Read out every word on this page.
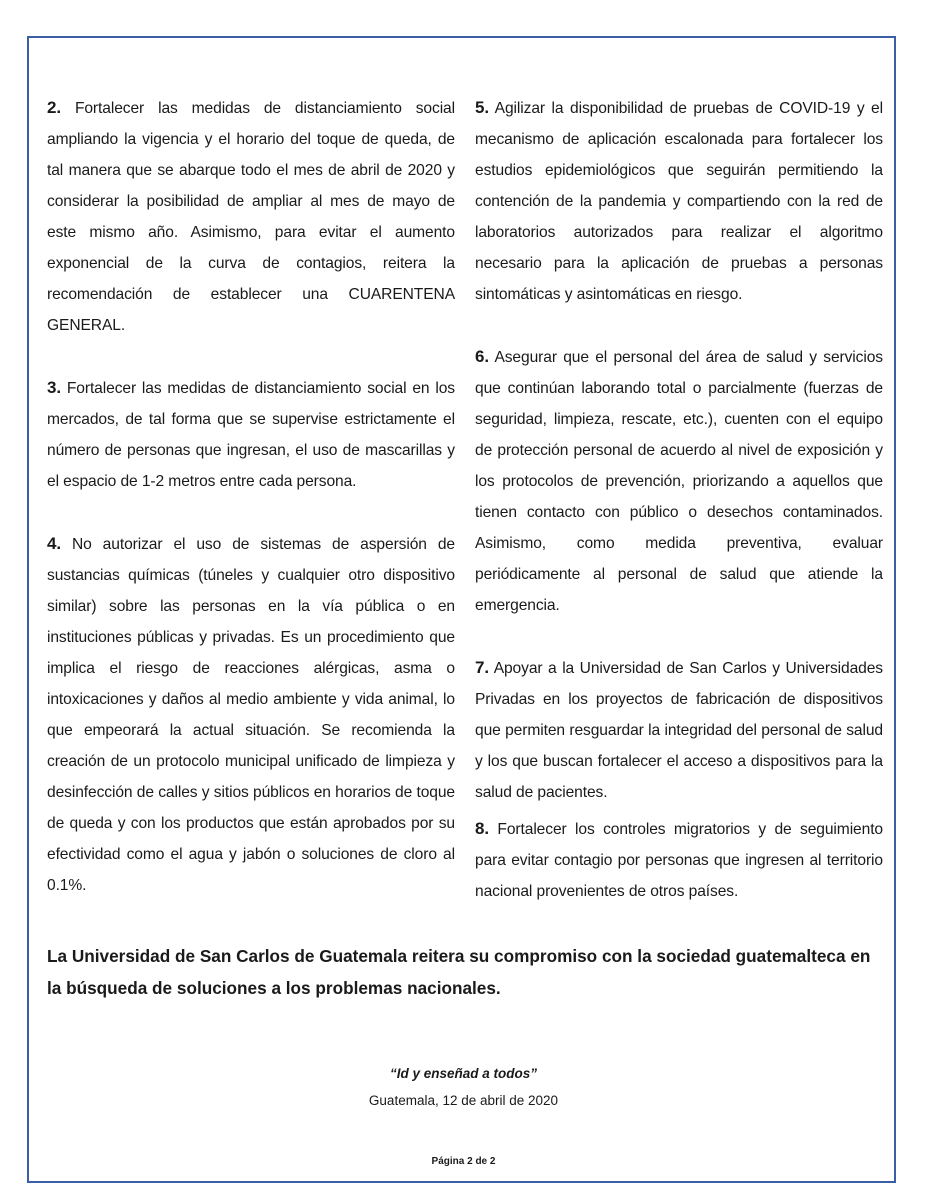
2. Fortalecer las medidas de distanciamiento social ampliando la vigencia y el horario del toque de queda, de tal manera que se abarque todo el mes de abril de 2020 y considerar la posibilidad de ampliar al mes de mayo de este mismo año. Asimismo, para evitar el aumento exponencial de la curva de contagios, reitera la recomendación de establecer una CUARENTENA GENERAL.

3. Fortalecer las medidas de distanciamiento social en los mercados, de tal forma que se supervise estrictamente el número de personas que ingresan, el uso de mascarillas y el espacio de 1-2 metros entre cada persona.

4. No autorizar el uso de sistemas de aspersión de sustancias químicas (túneles y cualquier otro dispositivo similar) sobre las personas en la vía pública o en instituciones públicas y privadas. Es un procedimiento que implica el riesgo de reacciones alérgicas, asma o intoxicaciones y daños al medio ambiente y vida animal, lo que empeorará la actual situación. Se recomienda la creación de un protocolo municipal unificado de limpieza y desinfección de calles y sitios públicos en horarios de toque de queda y con los productos que están aprobados por su efectividad como el agua y jabón o soluciones de cloro al 0.1%.

5. Agilizar la disponibilidad de pruebas de COVID-19 y el mecanismo de aplicación escalonada para fortalecer los estudios epidemiológicos que seguirán permitiendo la contención de la pandemia y compartiendo con la red de laboratorios autorizados para realizar el algoritmo necesario para la aplicación de pruebas a personas sintomáticas y asintomáticas en riesgo.

6. Asegurar que el personal del área de salud y servicios que continúan laborando total o parcialmente (fuerzas de seguridad, limpieza, rescate, etc.), cuenten con el equipo de protección personal de acuerdo al nivel de exposición y los protocolos de prevención, priorizando a aquellos que tienen contacto con público o desechos contaminados. Asimismo, como medida preventiva, evaluar periódicamente al personal de salud que atiende la emergencia.

7. Apoyar a la Universidad de San Carlos y Universidades Privadas en los proyectos de fabricación de dispositivos que permiten resguardar la integridad del personal de salud y los que buscan fortalecer el acceso a dispositivos para la salud de pacientes.

8. Fortalecer los controles migratorios y de seguimiento para evitar contagio por personas que ingresen al territorio nacional provenientes de otros países.

La Universidad de San Carlos de Guatemala reitera su compromiso con la sociedad guatemalteca en la búsqueda de soluciones a los problemas nacionales.

“Id y enseñad a todos”

Guatemala, 12 de abril de 2020

Página 2 de 2
